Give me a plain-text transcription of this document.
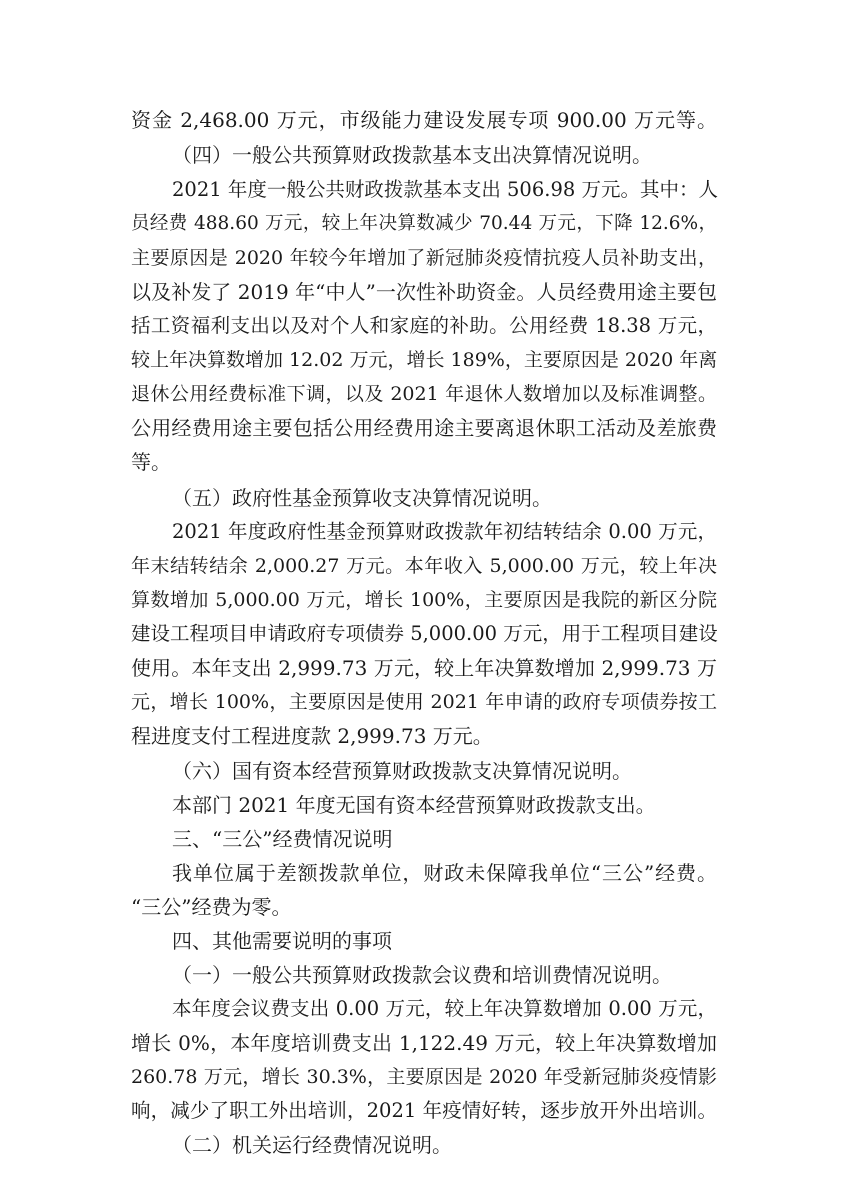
资金 2,468.00 万元，市级能力建设发展专项 900.00 万元等。
（四）一般公共预算财政拨款基本支出决算情况说明。
2021 年度一般公共财政拨款基本支出 506.98 万元。其中：人
员经费 488.60 万元，较上年决算数减少 70.44 万元，下降 12.6%，
主要原因是 2020 年较今年增加了新冠肺炎疫情抗疫人员补助支出，
以及补发了 2019 年“中人”一次性补助资金。人员经费用途主要包
括工资福利支出以及对个人和家庭的补助。公用经费 18.38 万元，
较上年决算数增加 12.02 万元，增长 189%，主要原因是 2020 年离
退休公用经费标准下调，以及 2021 年退休人数增加以及标准调整。
公用经费用途主要包括公用经费用途主要离退休职工活动及差旅费
等。
（五）政府性基金预算收支决算情况说明。
2021 年度政府性基金预算财政拨款年初结转结余 0.00 万元，
年末结转结余 2,000.27 万元。本年收入 5,000.00 万元，较上年决
算数增加 5,000.00 万元，增长 100%，主要原因是我院的新区分院
建设工程项目申请政府专项债券 5,000.00 万元，用于工程项目建设
使用。本年支出 2,999.73 万元，较上年决算数增加 2,999.73 万
元，增长 100%，主要原因是使用 2021 年申请的政府专项债券按工
程进度支付工程进度款 2,999.73 万元。
（六）国有资本经营预算财政拨款支决算情况说明。
本部门 2021 年度无国有资本经营预算财政拨款支出。
三、“三公”经费情况说明
我单位属于差额拨款单位，财政未保障我单位“三公”经费。
“三公”经费为零。
四、其他需要说明的事项
（一）一般公共预算财政拨款会议费和培训费情况说明。
本年度会议费支出 0.00 万元，较上年决算数增加 0.00 万元，
增长 0%，本年度培训费支出 1,122.49 万元，较上年决算数增加
260.78 万元，增长 30.3%，主要原因是 2020 年受新冠肺炎疫情影
响，减少了职工外出培训，2021 年疫情好转，逐步放开外出培训。
（二）机关运行经费情况说明。
